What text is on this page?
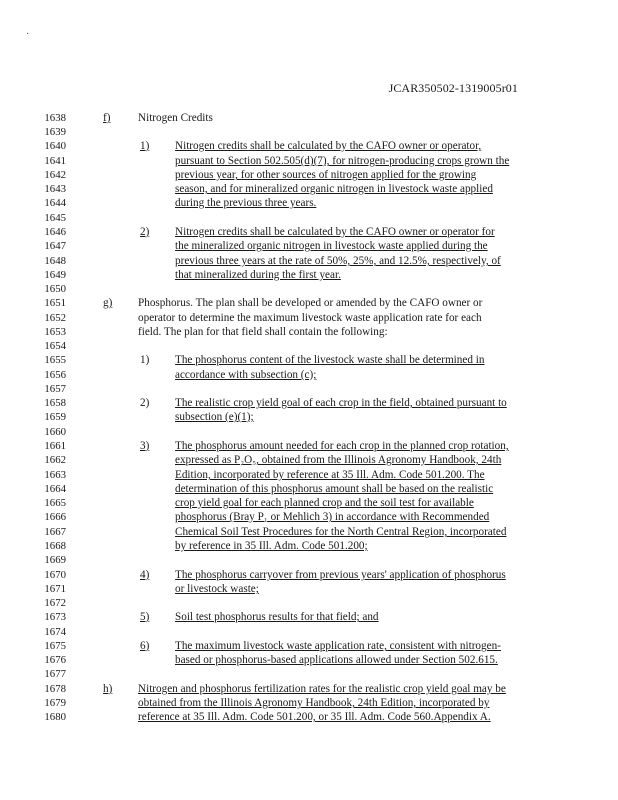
·
JCAR350502-1319005r01
1638
1639
1640
1641
1642
1643
1644
1645
1646
1647
1648
1649
1650
1651
1652
1653
1654
1655
1656
1657
1658
1659
1660
1661
1662
1663
1664
1665
1666
1667
1668
1669
1670
1671
1672
1673
1674
1675
1676
1677
1678
1679
1680
f) Nitrogen Credits
1) Nitrogen credits shall be calculated by the CAFO owner or operator,
pursuant to Section 502.505(d)(7), for nitrogen-producing crops grown the
previous year, for other sources of nitrogen applied for the growing
season, and for mineralized organic nitrogen in livestock waste applied
during the previous three years.
2) Nitrogen credits shall be calculated by the CAFO owner or operator for
the mineralized organic nitrogen in livestock waste applied during the
previous three years at the rate of 50%, 25%, and 12.5%, respectively, of
that mineralized during the first year.
g) Phosphorus. The plan shall be developed or amended by the CAFO owner or
operator to determine the maximum livestock waste application rate for each
field. The plan for that field shall contain the following:
1) The phosphorus content of the livestock waste shall be determined in
accordance with subsection (c);
2) The realistic crop yield goal of each crop in the field, obtained pursuant to
subsection (e)(1);
3) The phosphorus amount needed for each crop in the planned crop rotation,
expressed as P₂O₅, obtained from the Illinois Agronomy Handbook, 24th
Edition, incorporated by reference at 35 Ill. Adm. Code 501.200. The
determination of this phosphorus amount shall be based on the realistic
crop yield goal for each planned crop and the soil test for available
phosphorus (Bray P₁ or Mehlich 3) in accordance with Recommended
Chemical Soil Test Procedures for the North Central Region, incorporated
by reference in 35 Ill. Adm. Code 501.200;
4) The phosphorus carryover from previous years' application of phosphorus
or livestock waste;
5) Soil test phosphorus results for that field; and
6) The maximum livestock waste application rate, consistent with nitrogen-
based or phosphorus-based applications allowed under Section 502.615.
h) Nitrogen and phosphorus fertilization rates for the realistic crop yield goal may be
obtained from the Illinois Agronomy Handbook, 24th Edition, incorporated by
reference at 35 Ill. Adm. Code 501.200, or 35 Ill. Adm. Code 560.Appendix A.
